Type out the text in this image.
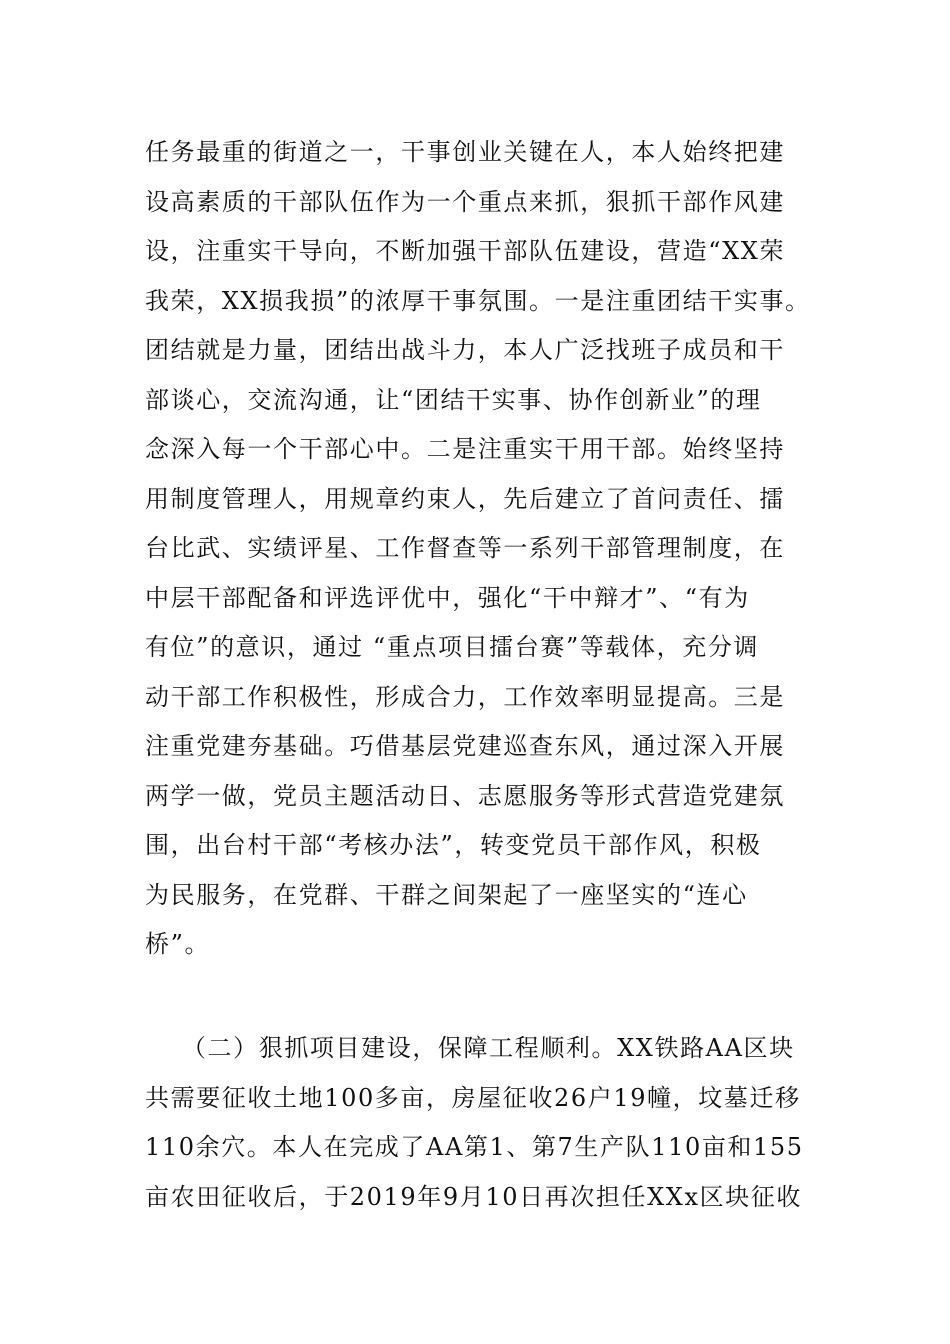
任务最重的街道之一，干事创业关键在人，本人始终把建
设高素质的干部队伍作为一个重点来抓，狠抓干部作风建
设，注重实干导向，不断加强干部队伍建设，营造“XX荣
我荣，XX损我损”的浓厚干事氛围。一是注重团结干实事。
团结就是力量，团结出战斗力，本人广泛找班子成员和干
部谈心，交流沟通，让“团结干实事、协作创新业”的理
念深入每一个干部心中。二是注重实干用干部。始终坚持
用制度管理人，用规章约束人，先后建立了首问责任、擂
台比武、实绩评星、工作督查等一系列干部管理制度，在
中层干部配备和评选评优中，强化“干中辩才”、“有为
有位”的意识，通过 “重点项目擂台赛”等载体，充分调
动干部工作积极性，形成合力，工作效率明显提高。三是
注重党建夯基础。巧借基层党建巡查东风，通过深入开展
两学一做，党员主题活动日、志愿服务等形式营造党建氛
围，出台村干部“考核办法”，转变党员干部作风，积极
为民服务，在党群、干群之间架起了一座坚实的“连心
桥”。
（二）狠抓项目建设，保障工程顺利。XX铁路AA区块
共需要征收土地100多亩，房屋征收26户19幢，坟墓迁移
110余穴。本人在完成了AA第1、第7生产队110亩和155
亩农田征收后，于2019年9月10日再次担任XXx区块征收
